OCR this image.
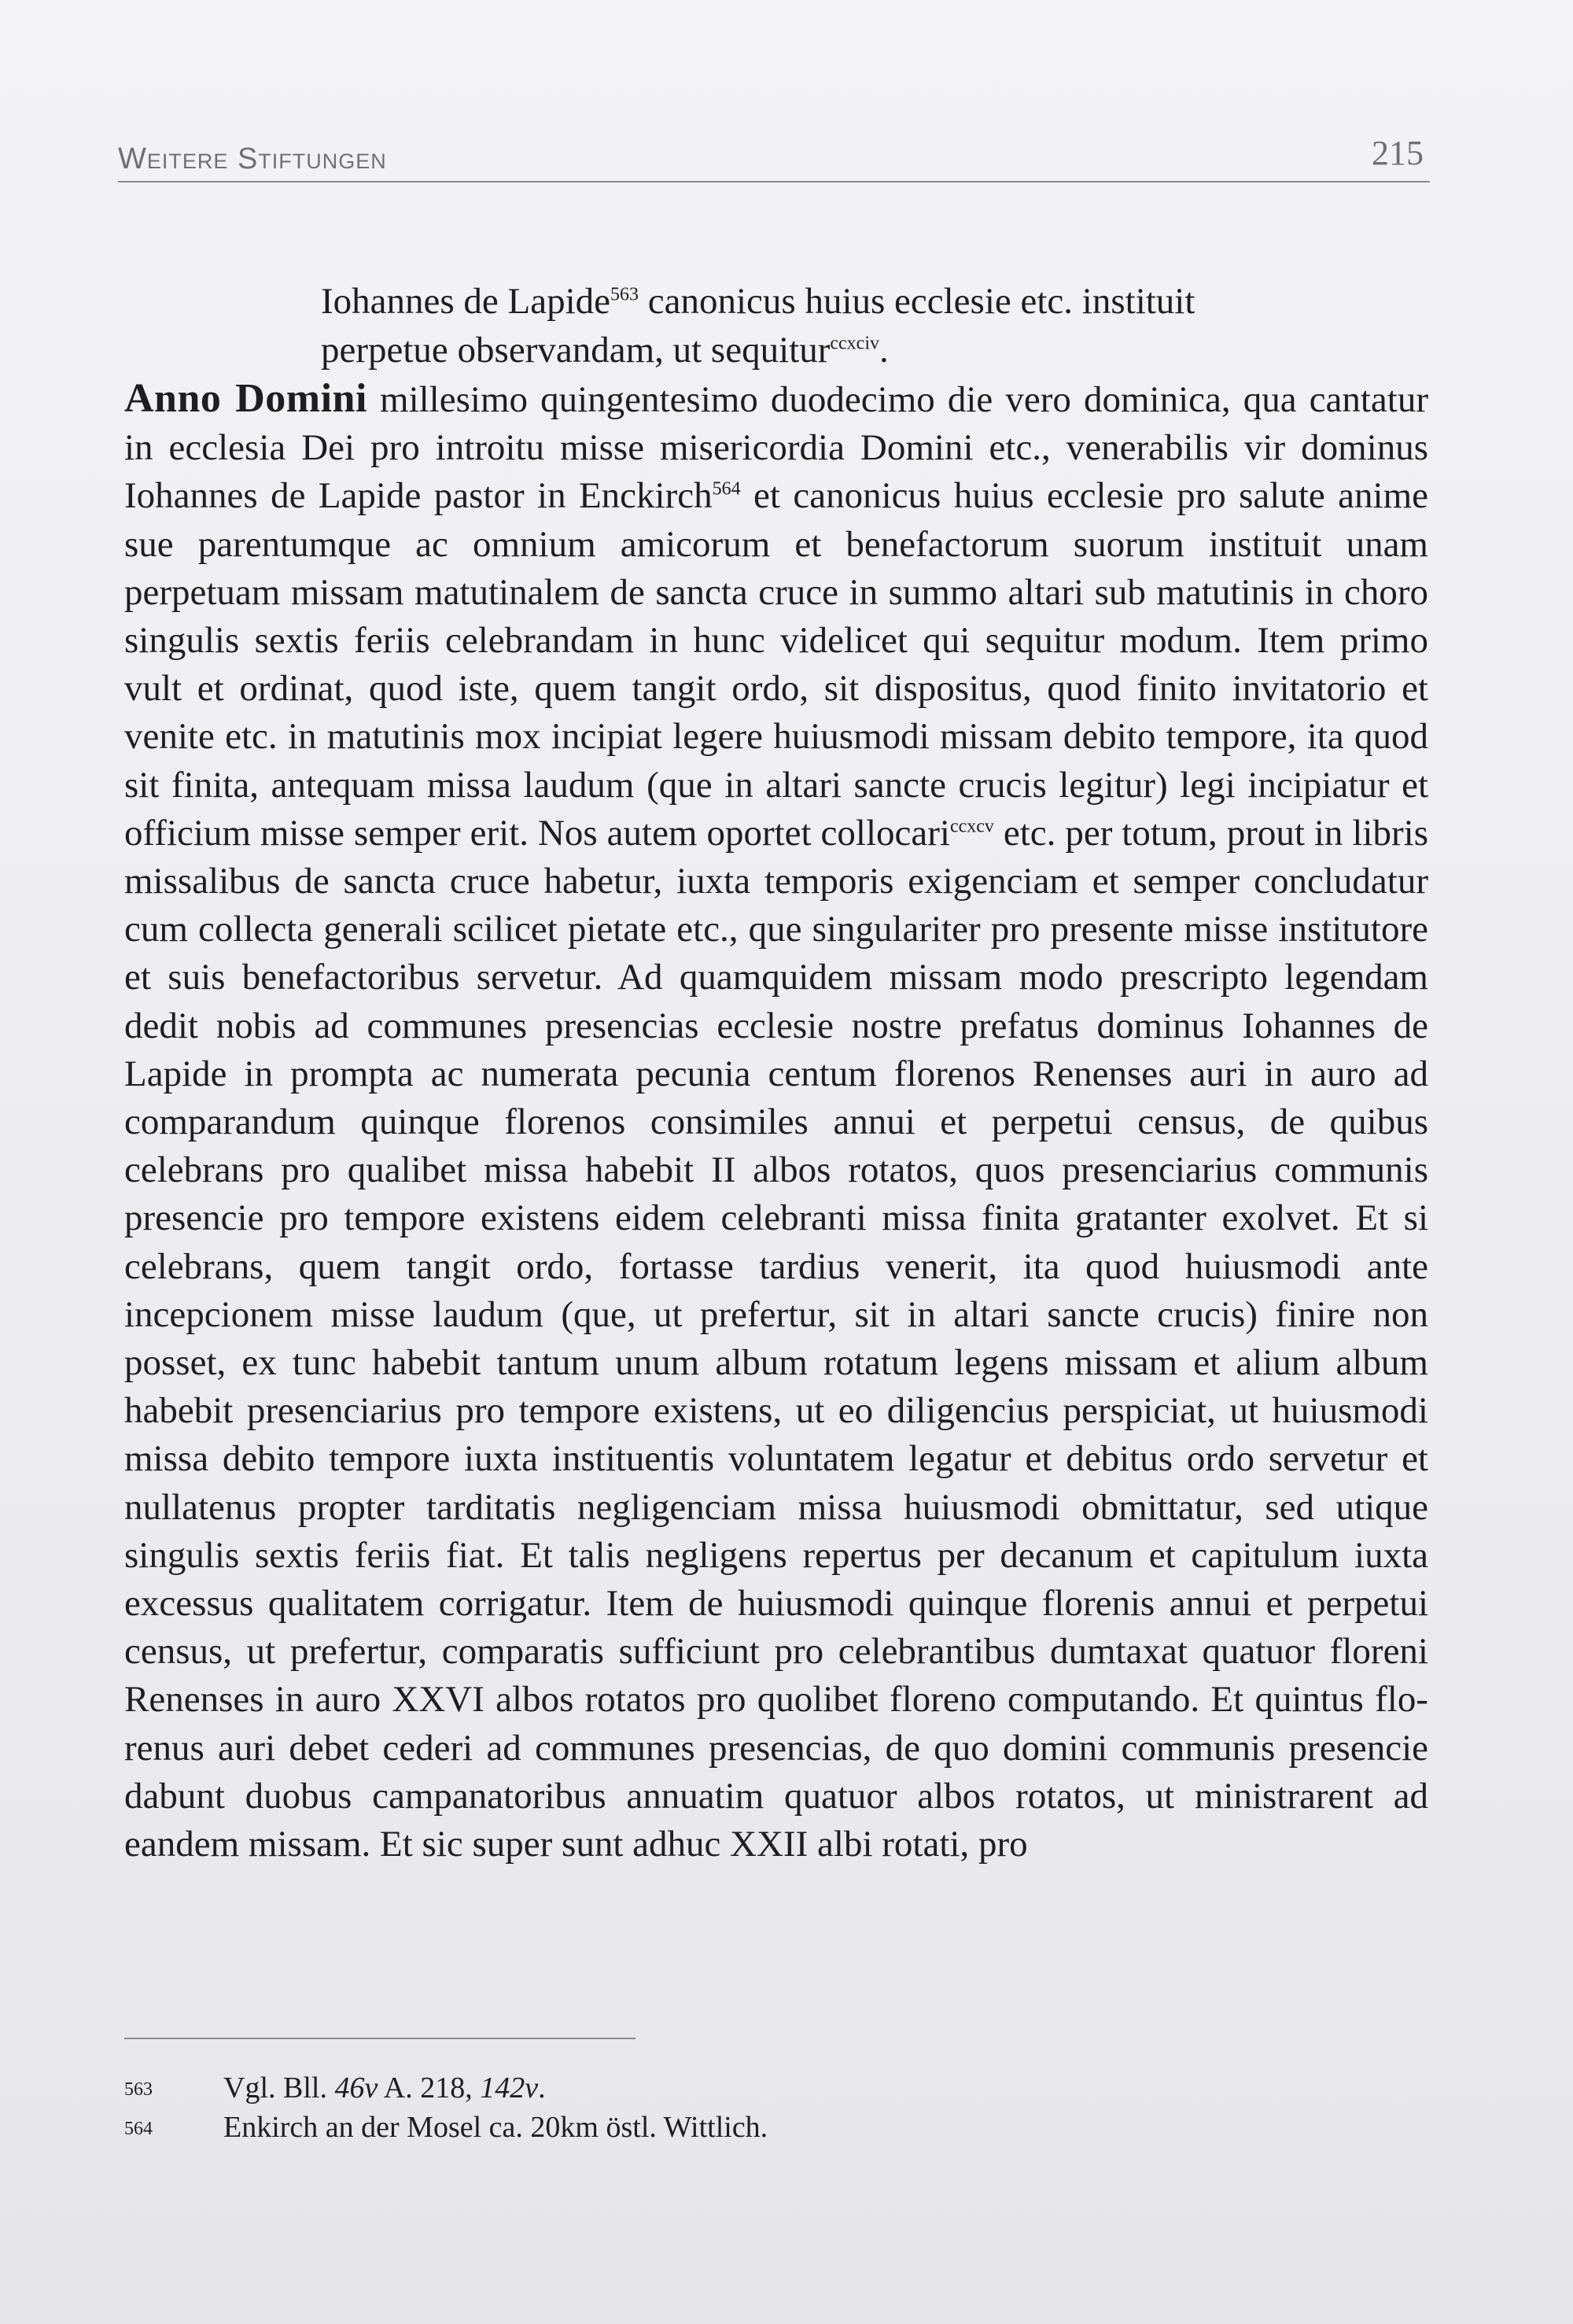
Weitere Stiftungen	215
Iohannes de Lapide$^{563}$ canonicus huius ecclesie etc. instituit
perpetue observandam, ut sequitur$^{ccxciv}$.
Anno Domini millesimo quingentesimo duodecimo die vero dominica, qua cantatur in ecclesia Dei pro introitu misse misericordia Domini etc., venerabilis vir dominus Iohannes de Lapide pastor in Enckirch$^{564}$ et canonicus huius ecclesie pro salute anime sue parentumque ac omnium amicorum et benefactorum suorum instituit unam perpetuam missam matutinalem de sancta cruce in summo altari sub matutinis in choro singulis sextis feriis celebrandam in hunc videlicet qui sequitur modum. Item primo vult et ordinat, quod iste, quem tangit ordo, sit dispositus, quod finito invitatorio et venite etc. in matutinis mox incipiat legere huiusmodi missam debito tempore, ita quod sit finita, antequam missa laudum (que in altari sancte crucis legitur) legi incipiatur et officium misse semper erit. Nos autem oportet collocari$^{ccxcv}$ etc. per totum, prout in libris missalibus de sancta cruce habetur, iuxta temporis exigenciam et semper concludatur cum collecta generali scilicet pietate etc., que singulariter pro presente misse institutore et suis benefactoribus servetur. Ad quamquidem missam modo prescripto legendam dedit nobis ad communes presencias ecclesie nostre prefatus dominus Iohannes de Lapide in prompta ac numerata pecunia centum florenos Renenses auri in auro ad comparandum quinque florenos consimiles annui et perpetui census, de quibus celebrans pro qualibet missa habebit II albos rotatos, quos presenciarius communis presencie pro tempore existens eidem celebranti missa finita gratanter exolvet. Et si celebrans, quem tangit ordo, fortasse tardius venerit, ita quod huiusmodi ante incepcionem misse laudum (que, ut prefertur, sit in altari sancte crucis) finire non posset, ex tunc habebit tantum unum album rotatum legens missam et alium album habebit presenciarius pro tempore existens, ut eo diligencius perspiciat, ut huiusmodi missa debito tempore iuxta instituentis voluntatem legatur et debitus ordo servetur et nullatenus propter tarditatis negligenciam missa huiusmodi obmittatur, sed utique singulis sextis feriis fiat. Et talis negligens repertus per decanum et capitulum iuxta excessus qualitatem corrigatur. Item de huiusmodi quinque florenis annui et perpetui census, ut prefertur, comparatis sufficiunt pro celebrantibus dumtaxat quatuor floreni Renenses in auro XXVI albos rotatos pro quolibet floreno computando. Et quintus florenus auri debet cederi ad communes presencias, de quo domini communis presencie dabunt duobus campanatoribus annuatim quatuor albos rotatos, ut ministrarent ad eandem missam. Et sic super sunt adhuc XXII albi rotati, pro
563 Vgl. Bll. 46v A. 218, 142v.
564 Enkirch an der Mosel ca. 20km östl. Wittlich.
